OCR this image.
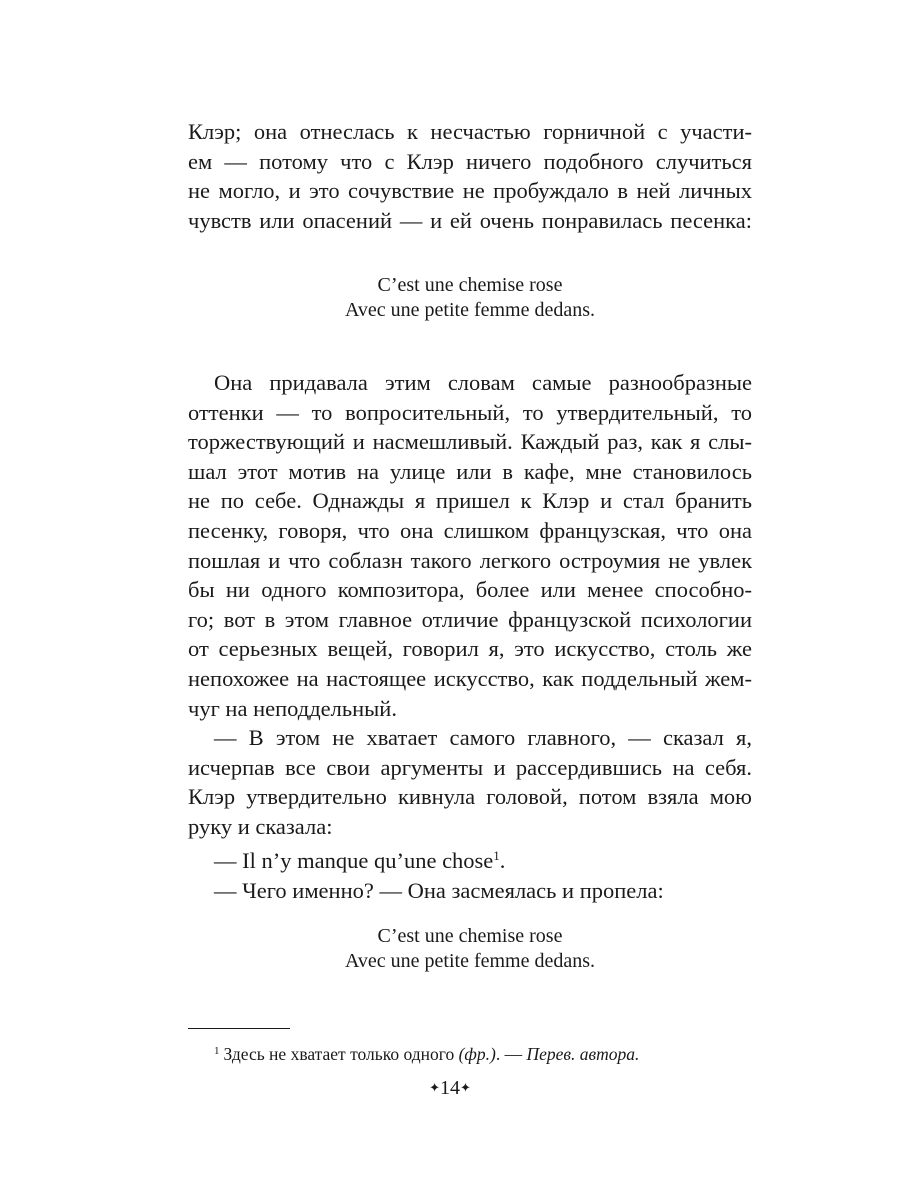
Клэр; она отнеслась к несчастью горничной с участи-
ем — потому что с Клэр ничего подобного случиться
не могло, и это сочувствие не пробуждало в ней личных
чувств или опасений — и ей очень понравилась песенка:
C’est une chemise rose
Avec une petite femme dedans.
Она придавала этим словам самые разнообразные
оттенки — то вопросительный, то утвердительный, то
торжествующий и насмешливый. Каждый раз, как я слы-
шал этот мотив на улице или в кафе, мне становилось
не по себе. Однажды я пришел к Клэр и стал бранить
песенку, говоря, что она слишком французская, что она
пошлая и что соблазн такого легкого остроумия не увлек
бы ни одного композитора, более или менее способно-
го; вот в этом главное отличие французской психологии
от серьезных вещей, говорил я, это искусство, столь же
непохожее на настоящее искусство, как поддельный жем-
чуг на неподдельный.
— В этом не хватает самого главного, — сказал я,
исчерпав все свои аргументы и рассердившись на себя.
Клэр утвердительно кивнула головой, потом взяла мою
руку и сказала:
— Il n’y manque qu’une chose$^1$.
— Чего именно? — Она засмеялась и пропела:
C’est une chemise rose
Avec une petite femme dedans.
$^1$ Здесь не хватает только одного (фр.). — Перев. автора.
✦14✦
